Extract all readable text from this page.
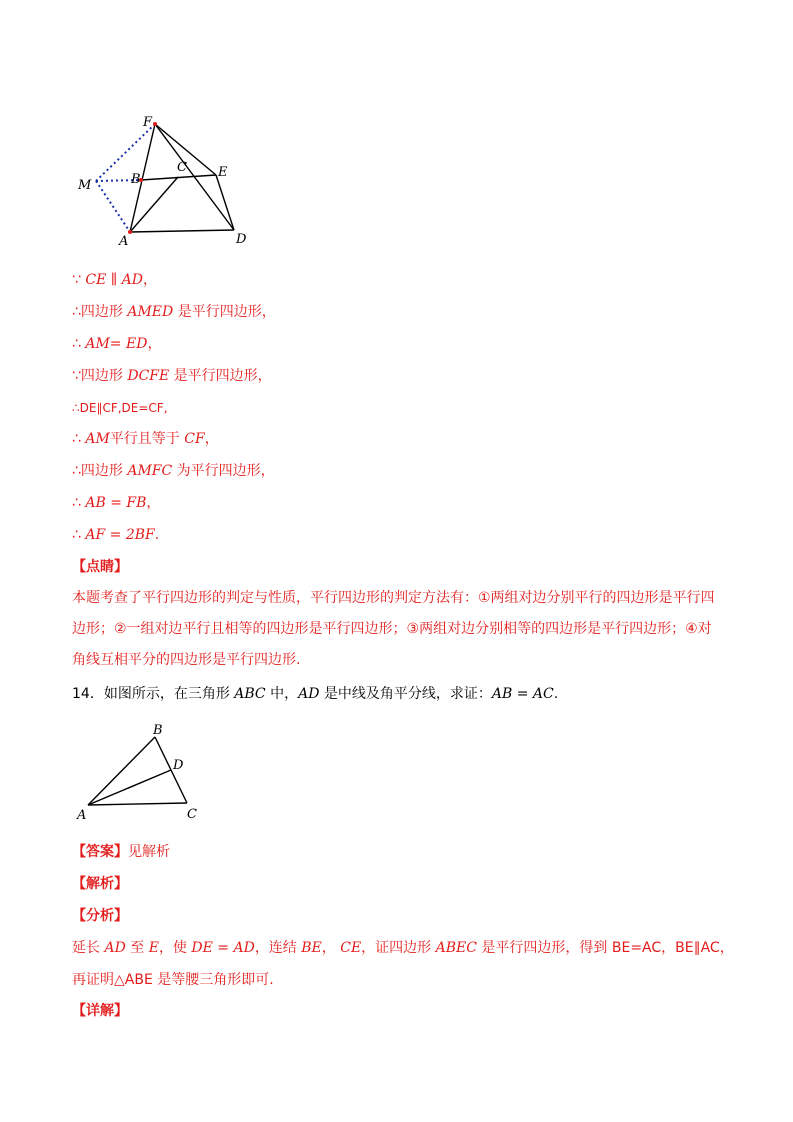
F
M	B
C E
A	D
∵ CE ∥ AD，
∴四边形 AMED 是平行四边形，
∴ AM= ED，
∵四边形 DCFE 是平行四边形，
∴DE∥CF,DE=CF,
∴ AM平行且等于 CF，
∴四边形 AMFC 为平行四边形，
∴ AB = FB，
∴ AF = 2BF.
【点睛】
本题考查了平行四边形的判定与性质，平行四边形的判定方法有：①两组对边分别平行的四边形是平行四边形；②一组对边平行且相等的四边形是平行四边形；③两组对边分别相等的四边形是平行四边形；④对角线互相平分的四边形是平行四边形.
14．如图所示，在三角形 ABC 中，AD 是中线及角平分线，求证：AB = AC.
B
D
A	C
【答案】见解析
【解析】
【分析】
延长 AD 至 E，使 DE = AD，连结 BE， CE，证四边形 ABEC 是平行四边形，得到 BE=AC，BE∥AC，
再证明△ABE 是等腰三角形即可.
【详解】
